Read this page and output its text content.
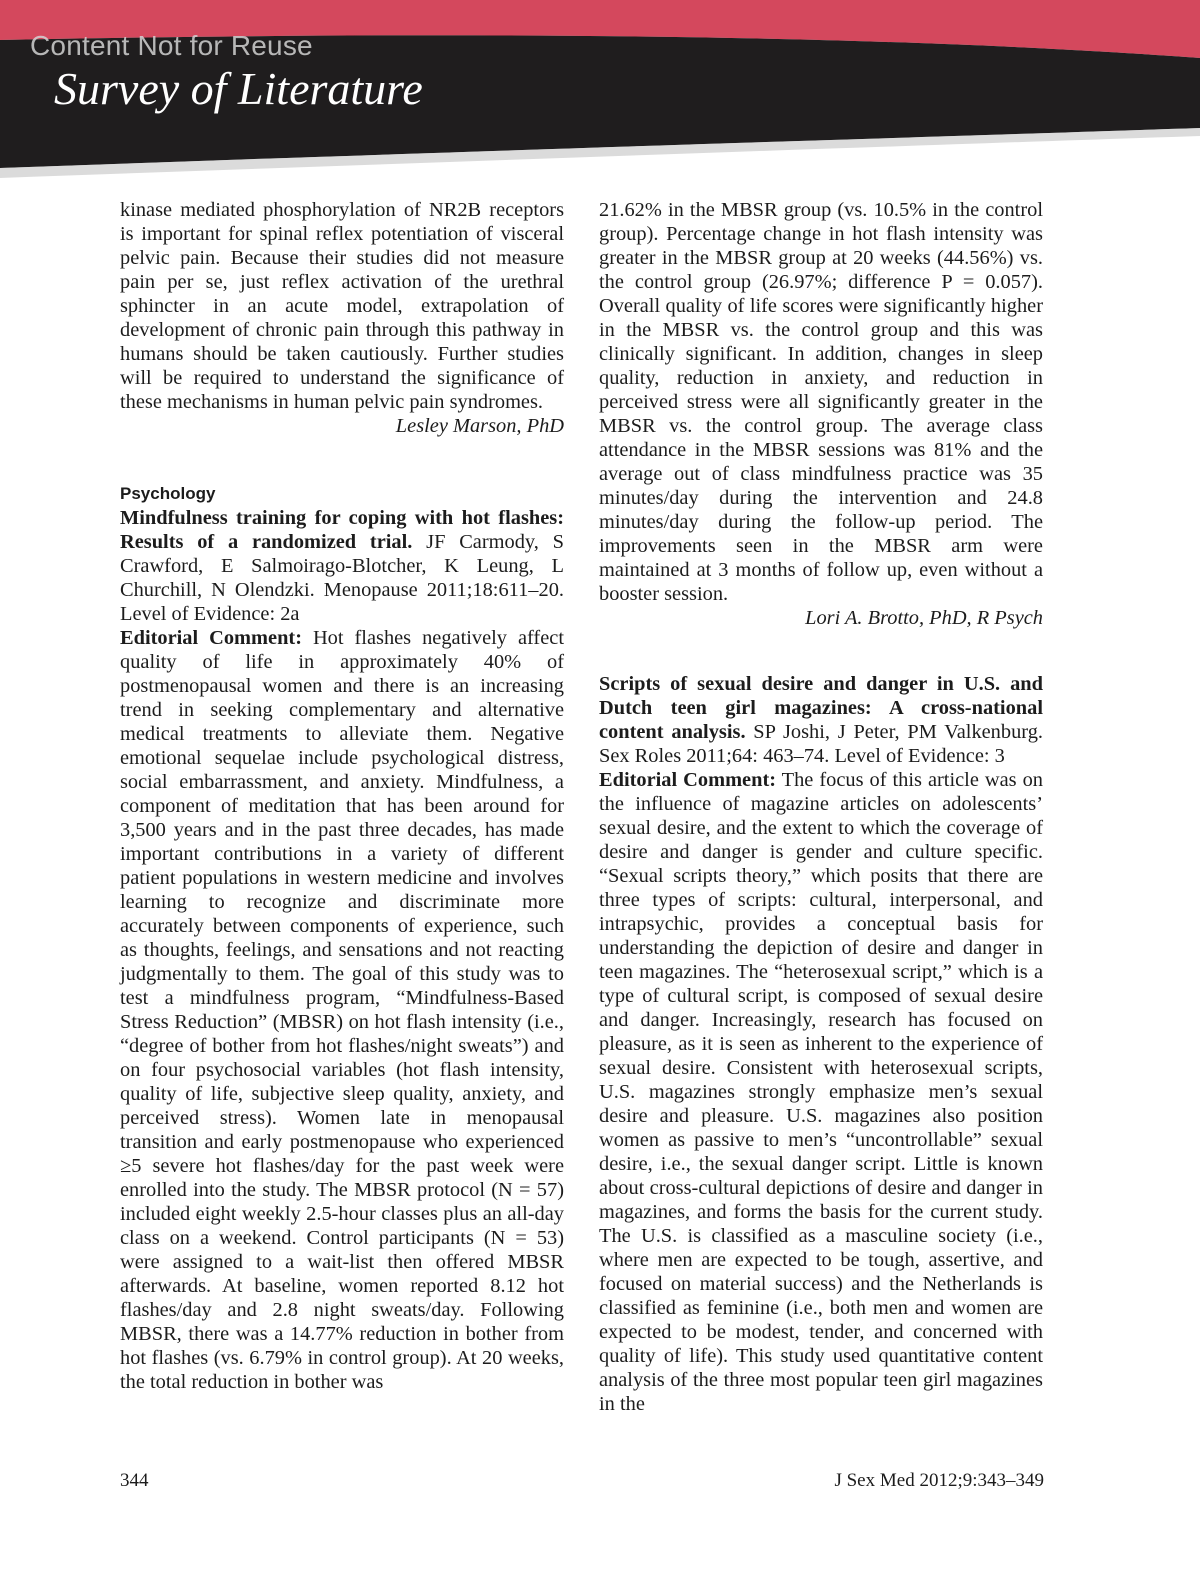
Content Not for Reuse
Survey of Literature

kinase mediated phosphorylation of NR2B receptors is important for spinal reflex potentiation of visceral pelvic pain. Because their studies did not measure pain per se, just reflex activation of the urethral sphincter in an acute model, extrapolation of development of chronic pain through this pathway in humans should be taken cautiously. Further studies will be required to understand the significance of these mechanisms in human pelvic pain syndromes.

Lesley Marson, PhD

Psychology

Mindfulness training for coping with hot flashes: Results of a randomized trial. JF Carmody, S Crawford, E Salmoirago-Blotcher, K Leung, L Churchill, N Olendzki. Menopause 2011;18:611–20. Level of Evidence: 2a

Editorial Comment: Hot flashes negatively affect quality of life in approximately 40% of postmenopausal women and there is an increasing trend in seeking complementary and alternative medical treatments to alleviate them. Negative emotional sequelae include psychological distress, social embarrassment, and anxiety. Mindfulness, a component of meditation that has been around for 3,500 years and in the past three decades, has made important contributions in a variety of different patient populations in western medicine and involves learning to recognize and discriminate more accurately between components of experience, such as thoughts, feelings, and sensations and not reacting judgmentally to them. The goal of this study was to test a mindfulness program, “Mindfulness-Based Stress Reduction” (MBSR) on hot flash intensity (i.e., “degree of bother from hot flashes/night sweats”) and on four psychosocial variables (hot flash intensity, quality of life, subjective sleep quality, anxiety, and perceived stress). Women late in menopausal transition and early postmenopause who experienced ≥5 severe hot flashes/day for the past week were enrolled into the study. The MBSR protocol (N = 57) included eight weekly 2.5-hour classes plus an all-day class on a weekend. Control participants (N = 53) were assigned to a wait-list then offered MBSR afterwards. At baseline, women reported 8.12 hot flashes/day and 2.8 night sweats/day. Following MBSR, there was a 14.77% reduction in bother from hot flashes (vs. 6.79% in control group). At 20 weeks, the total reduction in bother was

21.62% in the MBSR group (vs. 10.5% in the control group). Percentage change in hot flash intensity was greater in the MBSR group at 20 weeks (44.56%) vs. the control group (26.97%; difference P = 0.057). Overall quality of life scores were significantly higher in the MBSR vs. the control group and this was clinically significant. In addition, changes in sleep quality, reduction in anxiety, and reduction in perceived stress were all significantly greater in the MBSR vs. the control group. The average class attendance in the MBSR sessions was 81% and the average out of class mindfulness practice was 35 minutes/day during the intervention and 24.8 minutes/day during the follow-up period. The improvements seen in the MBSR arm were maintained at 3 months of follow up, even without a booster session.

Lori A. Brotto, PhD, R Psych

Scripts of sexual desire and danger in U.S. and Dutch teen girl magazines: A cross-national content analysis. SP Joshi, J Peter, PM Valkenburg. Sex Roles 2011;64: 463–74. Level of Evidence: 3

Editorial Comment: The focus of this article was on the influence of magazine articles on adolescents’ sexual desire, and the extent to which the coverage of desire and danger is gender and culture specific. “Sexual scripts theory,” which posits that there are three types of scripts: cultural, interpersonal, and intrapsychic, provides a conceptual basis for understanding the depiction of desire and danger in teen magazines. The “heterosexual script,” which is a type of cultural script, is composed of sexual desire and danger. Increasingly, research has focused on pleasure, as it is seen as inherent to the experience of sexual desire. Consistent with heterosexual scripts, U.S. magazines strongly emphasize men’s sexual desire and pleasure. U.S. magazines also position women as passive to men’s “uncontrollable” sexual desire, i.e., the sexual danger script. Little is known about cross-cultural depictions of desire and danger in magazines, and forms the basis for the current study. The U.S. is classified as a masculine society (i.e., where men are expected to be tough, assertive, and focused on material success) and the Netherlands is classified as feminine (i.e., both men and women are expected to be modest, tender, and concerned with quality of life). This study used quantitative content analysis of the three most popular teen girl magazines in the

344	J Sex Med 2012;9:343–349
